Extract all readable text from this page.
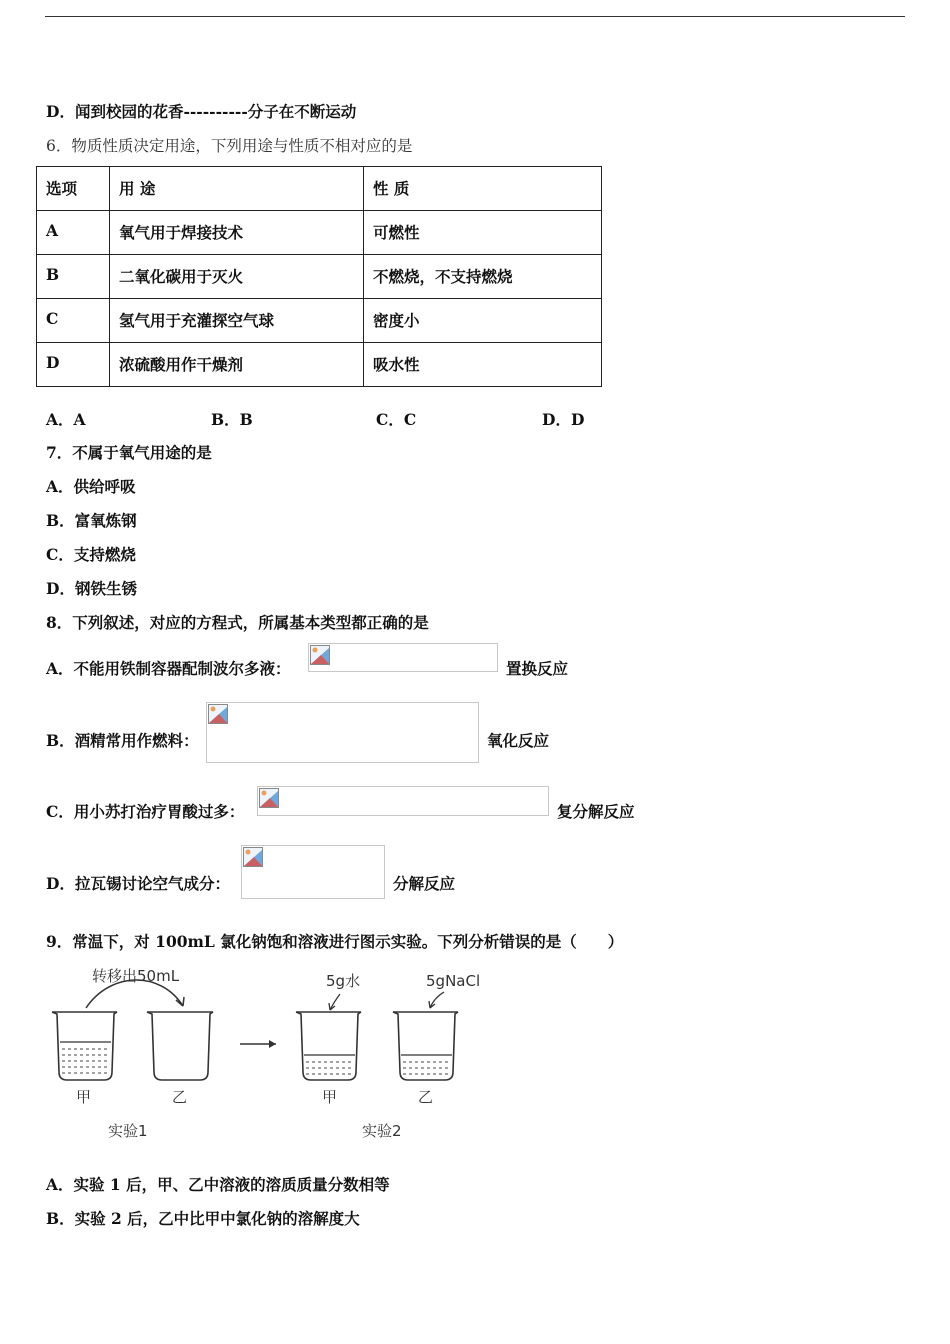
D．闻到校园的花香----------分子在不断运动
6．物质性质决定用途，下列用途与性质不相对应的是
选项	用 途	性 质
A	氧气用于焊接技术	可燃性
B	二氧化碳用于灭火	不燃烧，不支持燃烧
C	氢气用于充灌探空气球	密度小
D	浓硫酸用作干燥剂	吸水性
A．A	B．B	C．C	D．D
7．不属于氧气用途的是
A．供给呼吸
B．富氧炼钢
C．支持燃烧
D．钢铁生锈
8．下列叙述，对应的方程式，所属基本类型都正确的是
A．不能用铁制容器配制波尔多液：	置换反应
B．酒精常用作燃料：	氧化反应
C．用小苏打治疗胃酸过多：	复分解反应
D．拉瓦锡讨论空气成分：	分解反应
9．常温下，对 100mL 氯化钠饱和溶液进行图示实验。下列分析错误的是（　　）
转移出50mL
甲	乙
5g水
甲
5gNaCl
乙
实验1	实验2
A．实验 1 后，甲、乙中溶液的溶质质量分数相等
B．实验 2 后，乙中比甲中氯化钠的溶解度大
